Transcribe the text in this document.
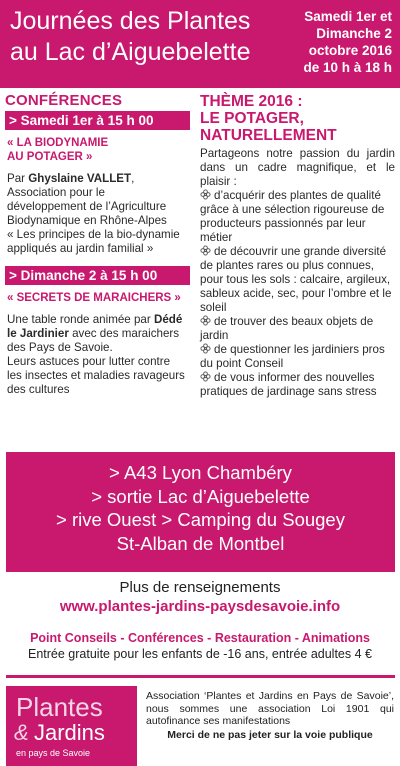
Journées des Plantes
au Lac d’Aiguebelette
Samedi 1er et
Dimanche 2
octobre 2016
de 10 h à 18 h
CONFÉRENCES
> Samedi 1er à 15 h 00
« LA BIODYNAMIE
AU POTAGER »
Par Ghyslaine VALLET,
Association pour le
développement de l’Agriculture
Biodynamique en Rhône-Alpes
« Les principes de la bio-dynamie
appliqués au jardin familial »
> Dimanche 2 à 15 h 00
« SECRETS DE MARAICHERS »
Une table ronde animée par Dédé le Jardinier avec des maraichers des Pays de Savoie.
Leurs astuces pour lutter contre les insectes et maladies ravageurs des cultures
THÈME 2016 :
LE POTAGER,
NATURELLEMENT
Partageons notre passion du jardin dans un cadre magnifique, et le plaisir :
d’acquérir des plantes de qualité grâce à une sélection rigoureuse de producteurs passionnés par leur métier
de découvrir une grande diversité de plantes rares ou plus connues, pour tous les sols : calcaire, argileux, sableux acide, sec, pour l’ombre et le soleil
de trouver des beaux objets de jardin
de questionner les jardiniers pros du point Conseil
de vous informer des nouvelles pratiques de jardinage sans stress
> A43 Lyon Chambéry
> sortie Lac d’Aiguebelette
> rive Ouest > Camping du Sougey
St-Alban de Montbel
Plus de renseignements
www.plantes-jardins-paysdesavoie.info
Point Conseils - Conférences - Restauration - Animations
Entrée gratuite pour les enfants de -16 ans, entrée adultes 4 €
Plantes
& Jardins
en pays de Savoie
Association ‘Plantes et Jardins en Pays de Savoie’, nous sommes une association Loi 1901 qui autofinance ses manifestations
Merci de ne pas jeter sur la voie publique
